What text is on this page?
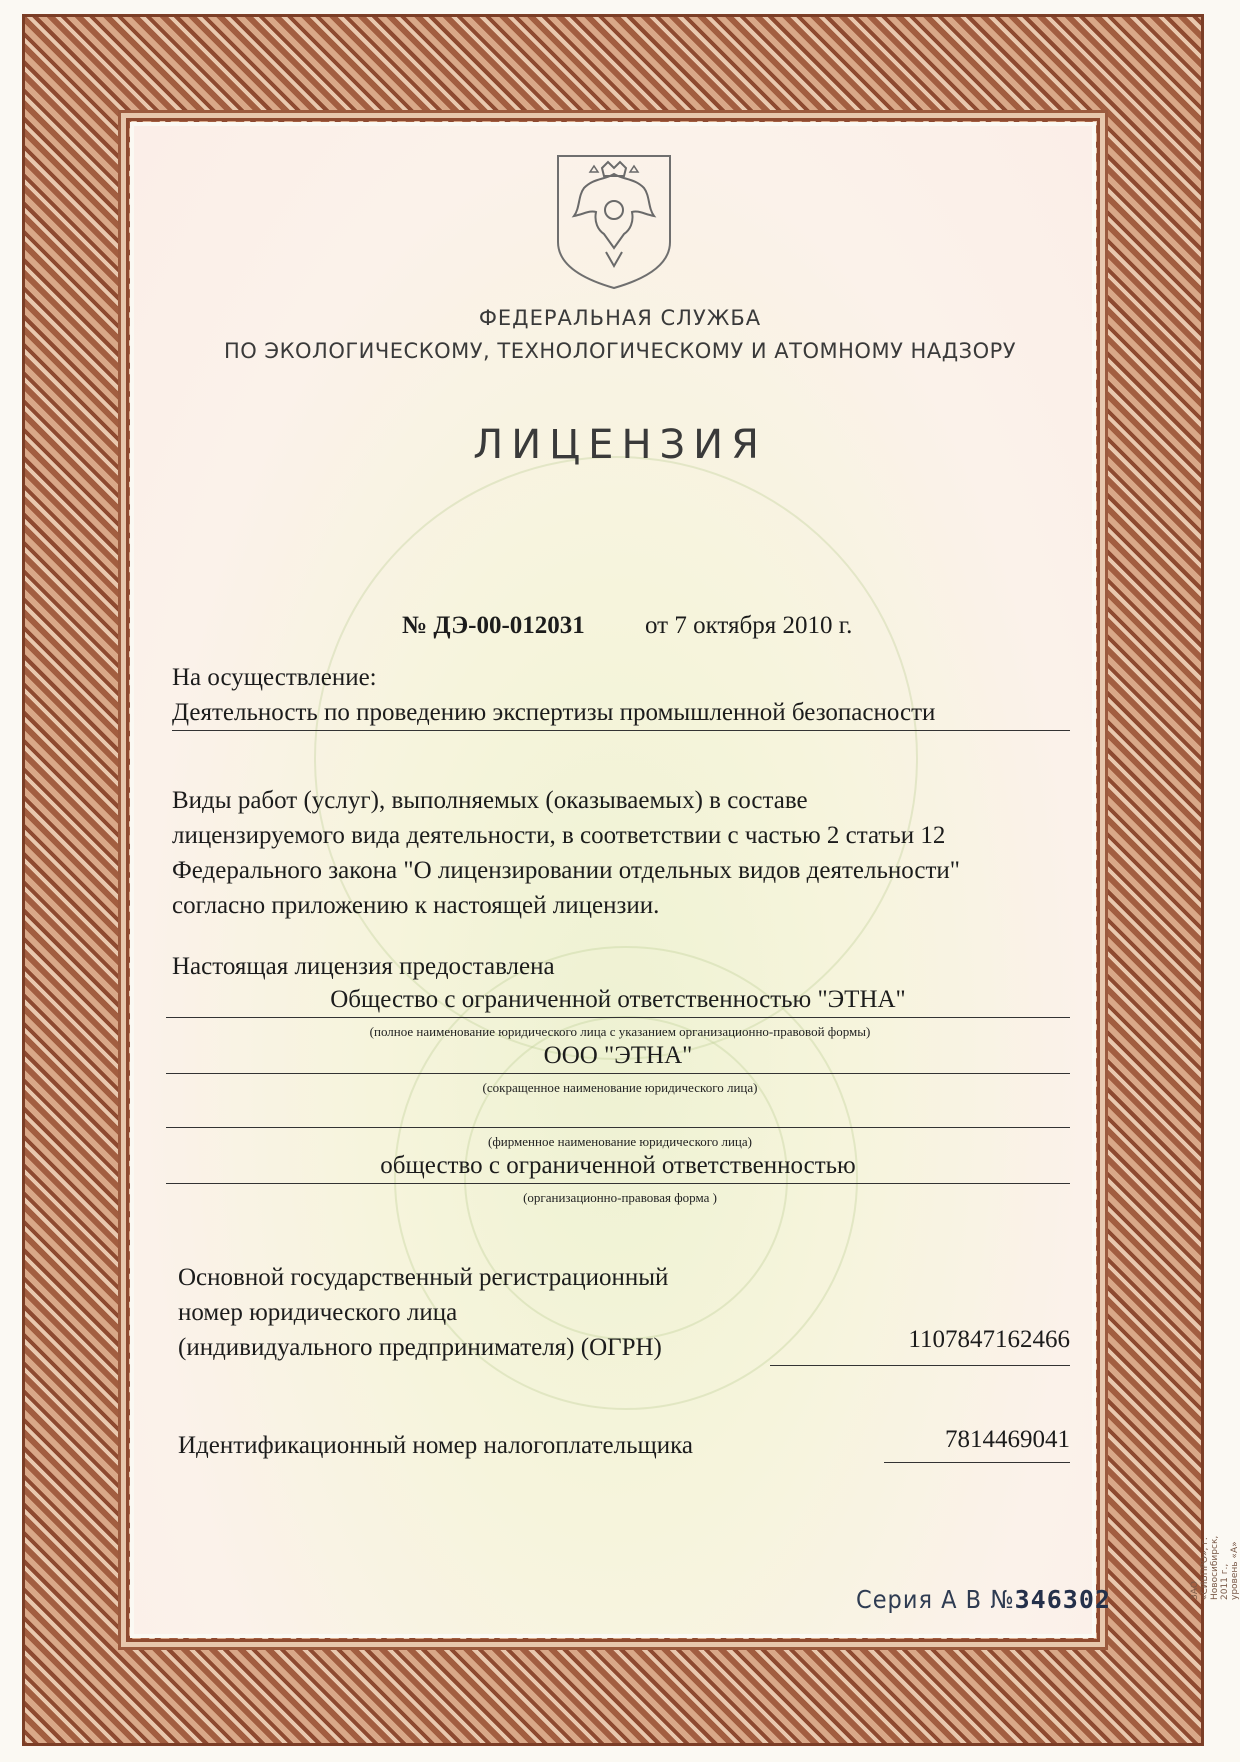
ФЕДЕРАЛЬНАЯ СЛУЖБА
ПО ЭКОЛОГИЧЕСКОМУ, ТЕХНОЛОГИЧЕСКОМУ И АТОМНОМУ НАДЗОРУ
ЛИЦЕНЗИЯ
№ ДЭ-00-012031 от 7 октября 2010 г.
На осуществление:
Деятельность по проведению экспертизы промышленной безопасности
Виды работ (услуг), выполняемых (оказываемых) в составе
лицензируемого вида деятельности, в соответствии с частью 2 статьи 12
Федерального закона "О лицензировании отдельных видов деятельности"
согласно приложению к настоящей лицензии.
Настоящая лицензия предоставлена
Общество с ограниченной ответственностью "ЭТНА"
(полное наименование юридического лица с указанием организационно-правовой формы)
ООО "ЭТНА"
(сокращенное наименование юридического лица)
(фирменное наименование юридического лица)
общество с ограниченной ответственностью
(организационно-правовая форма )
Основной государственный регистрационный
номер юридического лица
(индивидуального предпринимателя) (ОГРН)	1107847162466
Идентификационный номер налогоплательщика	7814469041
Серия А В №346302	ЗАО «СИБПРО», г. Новосибирск, 2011 г., уровень «А»
